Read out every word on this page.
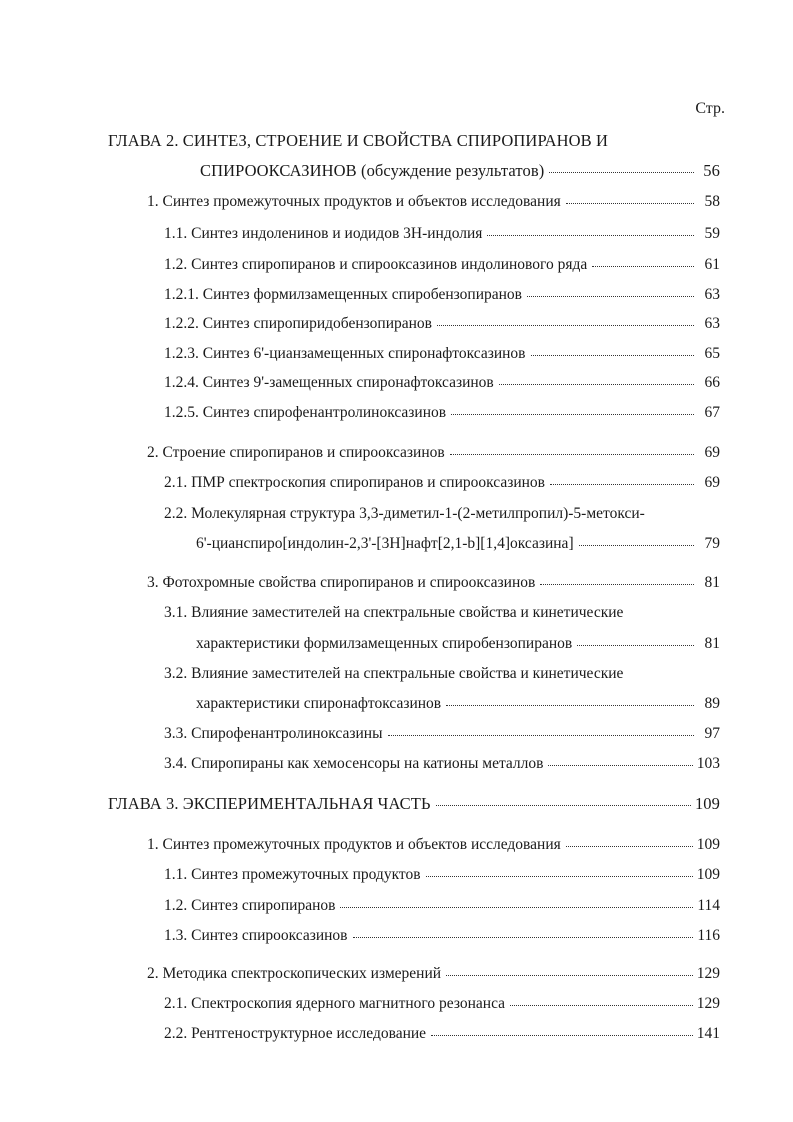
Стр.
ГЛАВА 2. СИНТЕЗ, СТРОЕНИЕ И СВОЙСТВА СПИРОПИРАНОВ И
СПИРООКСАЗИНОВ (обсуждение результатов)	56
1. Синтез промежуточных продуктов и объектов исследования	58
1.1. Синтез индоленинов и иодидов 3Н-индолия	59
1.2. Синтез спиропиранов и спирооксазинов индолинового ряда	61
1.2.1. Синтез формилзамещенных спиробензопиранов	63
1.2.2. Синтез спиропиридобензопиранов	63
1.2.3. Синтез 6'-цианзамещенных спиронафтоксазинов	65
1.2.4. Синтез 9'-замещенных спиронафтоксазинов	66
1.2.5. Синтез спирофенантролиноксазинов	67
2. Строение спиропиранов и спирооксазинов	69
2.1. ПМР спектроскопия спиропиранов и спирооксазинов	69
2.2. Молекулярная структура 3,3-диметил-1-(2-метилпропил)-5-метокси-
6'-цианспиро[индолин-2,3'-[3Н]нафт[2,1-b][1,4]оксазина]	79
3. Фотохромные свойства спиропиранов и спирооксазинов	81
3.1. Влияние заместителей на спектральные свойства и кинетические
характеристики формилзамещенных спиробензопиранов	81
3.2. Влияние заместителей на спектральные свойства и кинетические
характеристики спиронафтоксазинов	89
3.3. Спирофенантролиноксазины	97
3.4. Спиропираны как хемосенсоры на катионы металлов	103
ГЛАВА 3. ЭКСПЕРИМЕНТАЛЬНАЯ ЧАСТЬ	109
1. Синтез промежуточных продуктов и объектов исследования	109
1.1. Синтез промежуточных продуктов	109
1.2. Синтез спиропиранов	114
1.3. Синтез спирооксазинов	116
2. Методика спектроскопических измерений	129
2.1. Спектроскопия ядерного магнитного резонанса	129
2.2. Рентгеноструктурное исследование	141
